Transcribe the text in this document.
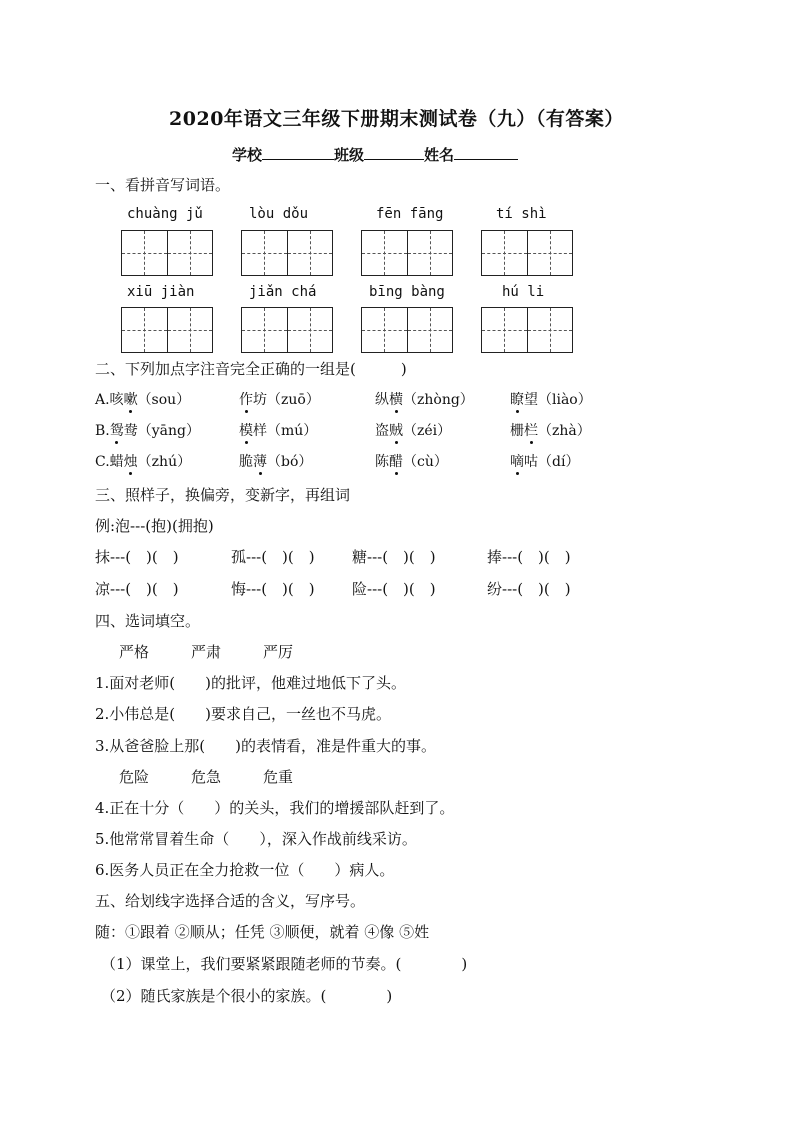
2020年语文三年级下册期末测试卷（九）（有答案）
学校	班级	姓名
一、看拼音写词语。
chuàng jǔ	lòu dǒu	fēn fāng	tí shì
xiū jiàn	jiǎn chá	bīng bàng	hú li
二、下列加点字注音完全正确的一组是(　　　)
A.咳嗽（sou）	作坊（zuō）	纵横（zhòng）	瞭望（liào）
B.鸳鸯（yāng）	模样（mú）	盗贼（zéi）	栅栏（zhà）
C.蜡烛（zhú）	脆薄（bó）	陈醋（cù）	嘀咕（dí）
三、照样子，换偏旁，变新字，再组词
例:泡---(抱)(拥抱)
抹---(　)(　)	孤---(　)(　) 糖---(　)(　)	捧---(　)(　)
凉---(　)(　)	悔---(　)(　) 险---(　)(　)	纷---(　)(　)
四、选词填空。
严格	严肃	严厉
1.面对老师(　　)的批评，他难过地低下了头。
2.小伟总是(　　)要求自己，一丝也不马虎。
3.从爸爸脸上那(　　)的表情看，准是件重大的事。
危险	危急	危重
4.正在十分（　　）的关头，我们的增援部队赶到了。
5.他常常冒着生命（　　），深入作战前线采访。
6.医务人员正在全力抢救一位（　　）病人。
五、给划线字选择合适的含义，写序号。
随：①跟着 ②顺从；任凭 ③顺便，就着 ④像 ⑤姓
（1）课堂上，我们要紧紧跟随老师的节奏。(　　　　)
（2）随氏家族是个很小的家族。(　　　　)
